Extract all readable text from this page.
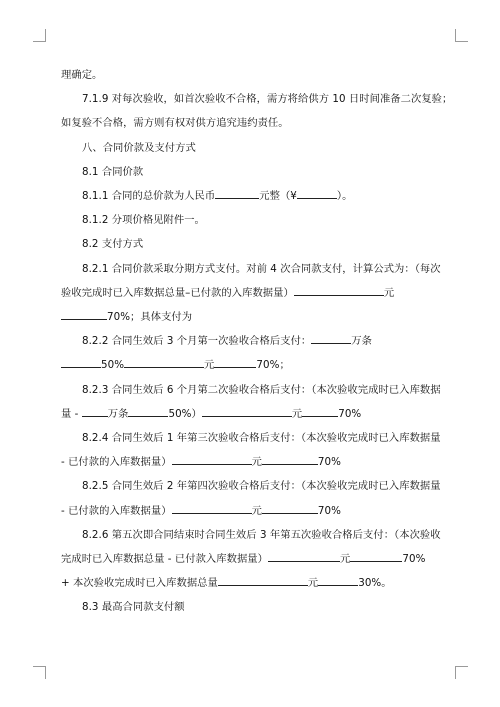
理确定。

7.1.9 对每次验收，如首次验收不合格，需方将给供方 10 日时间准备二次复验；

如复验不合格，需方则有权对供方追究违约责任。

八、合同价款及支付方式

8.1 合同价款

8.1.1 合同的总价款为人民币	元整（¥	）。

8.1.2 分项价格见附件一。

8.2 支付方式

8.2.1 合同价款采取分期方式支付。对前 4 次合同款支付，计算公式为：（每次

验收完成时已入库数据总量–已付款的入库数据量）	元

70%；具体支付为

8.2.2 合同生效后 3 个月第一次验收合格后支付：	万条

50%	元	70%；

8.2.3 合同生效后 6 个月第二次验收合格后支付：（本次验收完成时已入库数据

量 -	万条	50%）	元	70%

8.2.4 合同生效后 1 年第三次验收合格后支付：（本次验收完成时已入库数据量

- 已付款的入库数据量）	元	70%

8.2.5 合同生效后 2 年第四次验收合格后支付：（本次验收完成时已入库数据量

- 已付款的入库数据量）	元	70%

8.2.6 第五次即合同结束时合同生效后 3 年第五次验收合格后支付：（本次验收

完成时已入库数据总量 - 已付款入库数据量）	元	70%

+ 本次验收完成时已入库数据总量	元	30%。

8.3 最高合同款支付额
